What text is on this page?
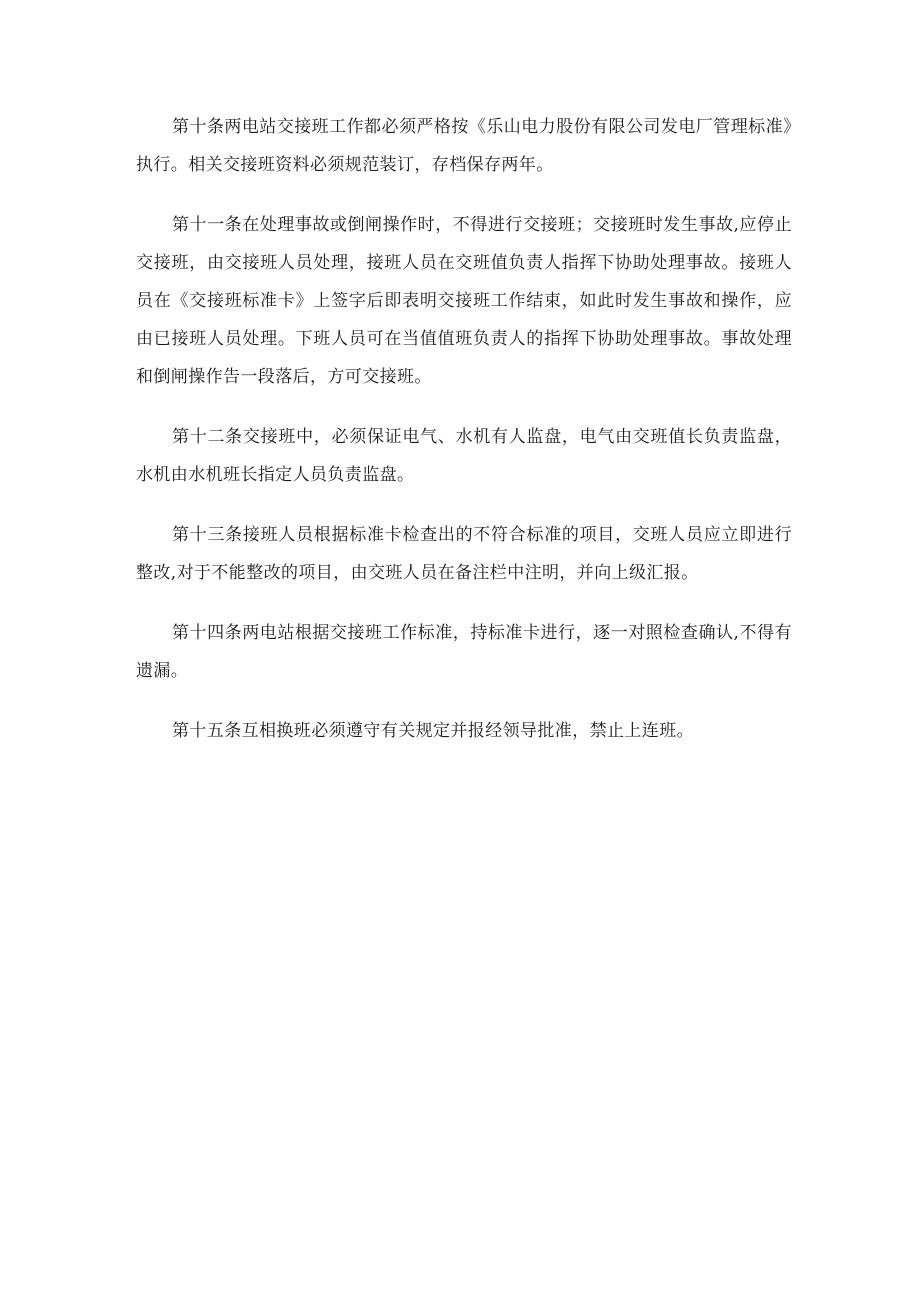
第十条两电站交接班工作都必须严格按《乐山电力股份有限公司发电厂管理标准》执行。相关交接班资料必须规范装订，存档保存两年。

第十一条在处理事故或倒闸操作时，不得进行交接班；交接班时发生事故,应停止交接班，由交接班人员处理，接班人员在交班值负责人指挥下协助处理事故。接班人员在《交接班标准卡》上签字后即表明交接班工作结束，如此时发生事故和操作，应由已接班人员处理。下班人员可在当值值班负责人的指挥下协助处理事故。事故处理和倒闸操作告一段落后，方可交接班。

第十二条交接班中，必须保证电气、水机有人监盘，电气由交班值长负责监盘，水机由水机班长指定人员负责监盘。

第十三条接班人员根据标准卡检查出的不符合标准的项目，交班人员应立即进行整改,对于不能整改的项目，由交班人员在备注栏中注明，并向上级汇报。

第十四条两电站根据交接班工作标准，持标准卡进行，逐一对照检查确认,不得有遗漏。

第十五条互相换班必须遵守有关规定并报经领导批准，禁止上连班。
